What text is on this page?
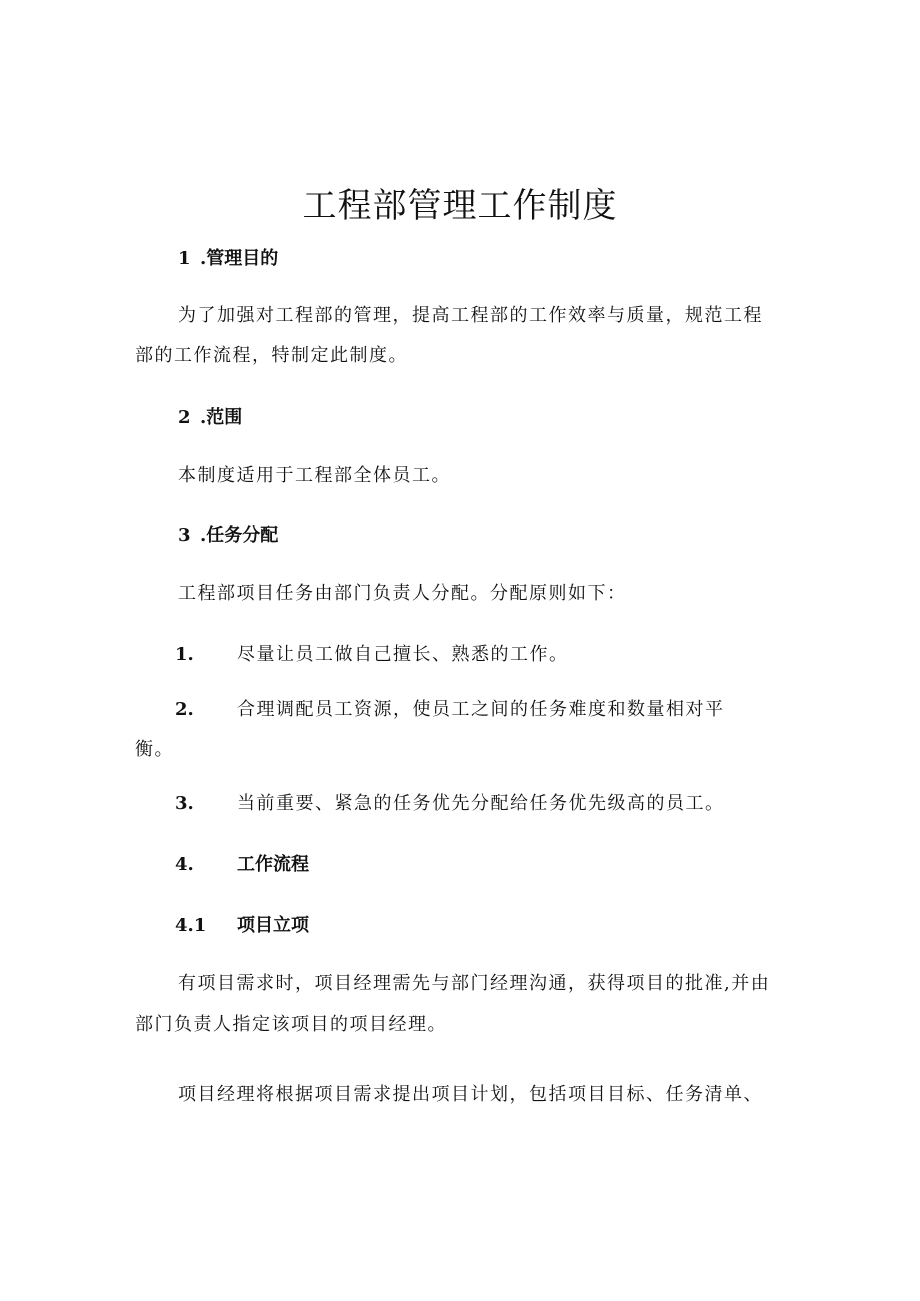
工程部管理工作制度
1 .管理目的
为了加强对工程部的管理，提高工程部的工作效率与质量，规范工程
部的工作流程，特制定此制度。
2 .范围
本制度适用于工程部全体员工。
3 .任务分配
工程部项目任务由部门负责人分配。分配原则如下：
1. 尽量让员工做自己擅长、熟悉的工作。
2. 合理调配员工资源，使员工之间的任务难度和数量相对平
衡。
3. 当前重要、紧急的任务优先分配给任务优先级高的员工。
4. 工作流程
4.1 项目立项
有项目需求时，项目经理需先与部门经理沟通，获得项目的批准,并由
部门负责人指定该项目的项目经理。
项目经理将根据项目需求提出项目计划，包括项目目标、任务清单、
